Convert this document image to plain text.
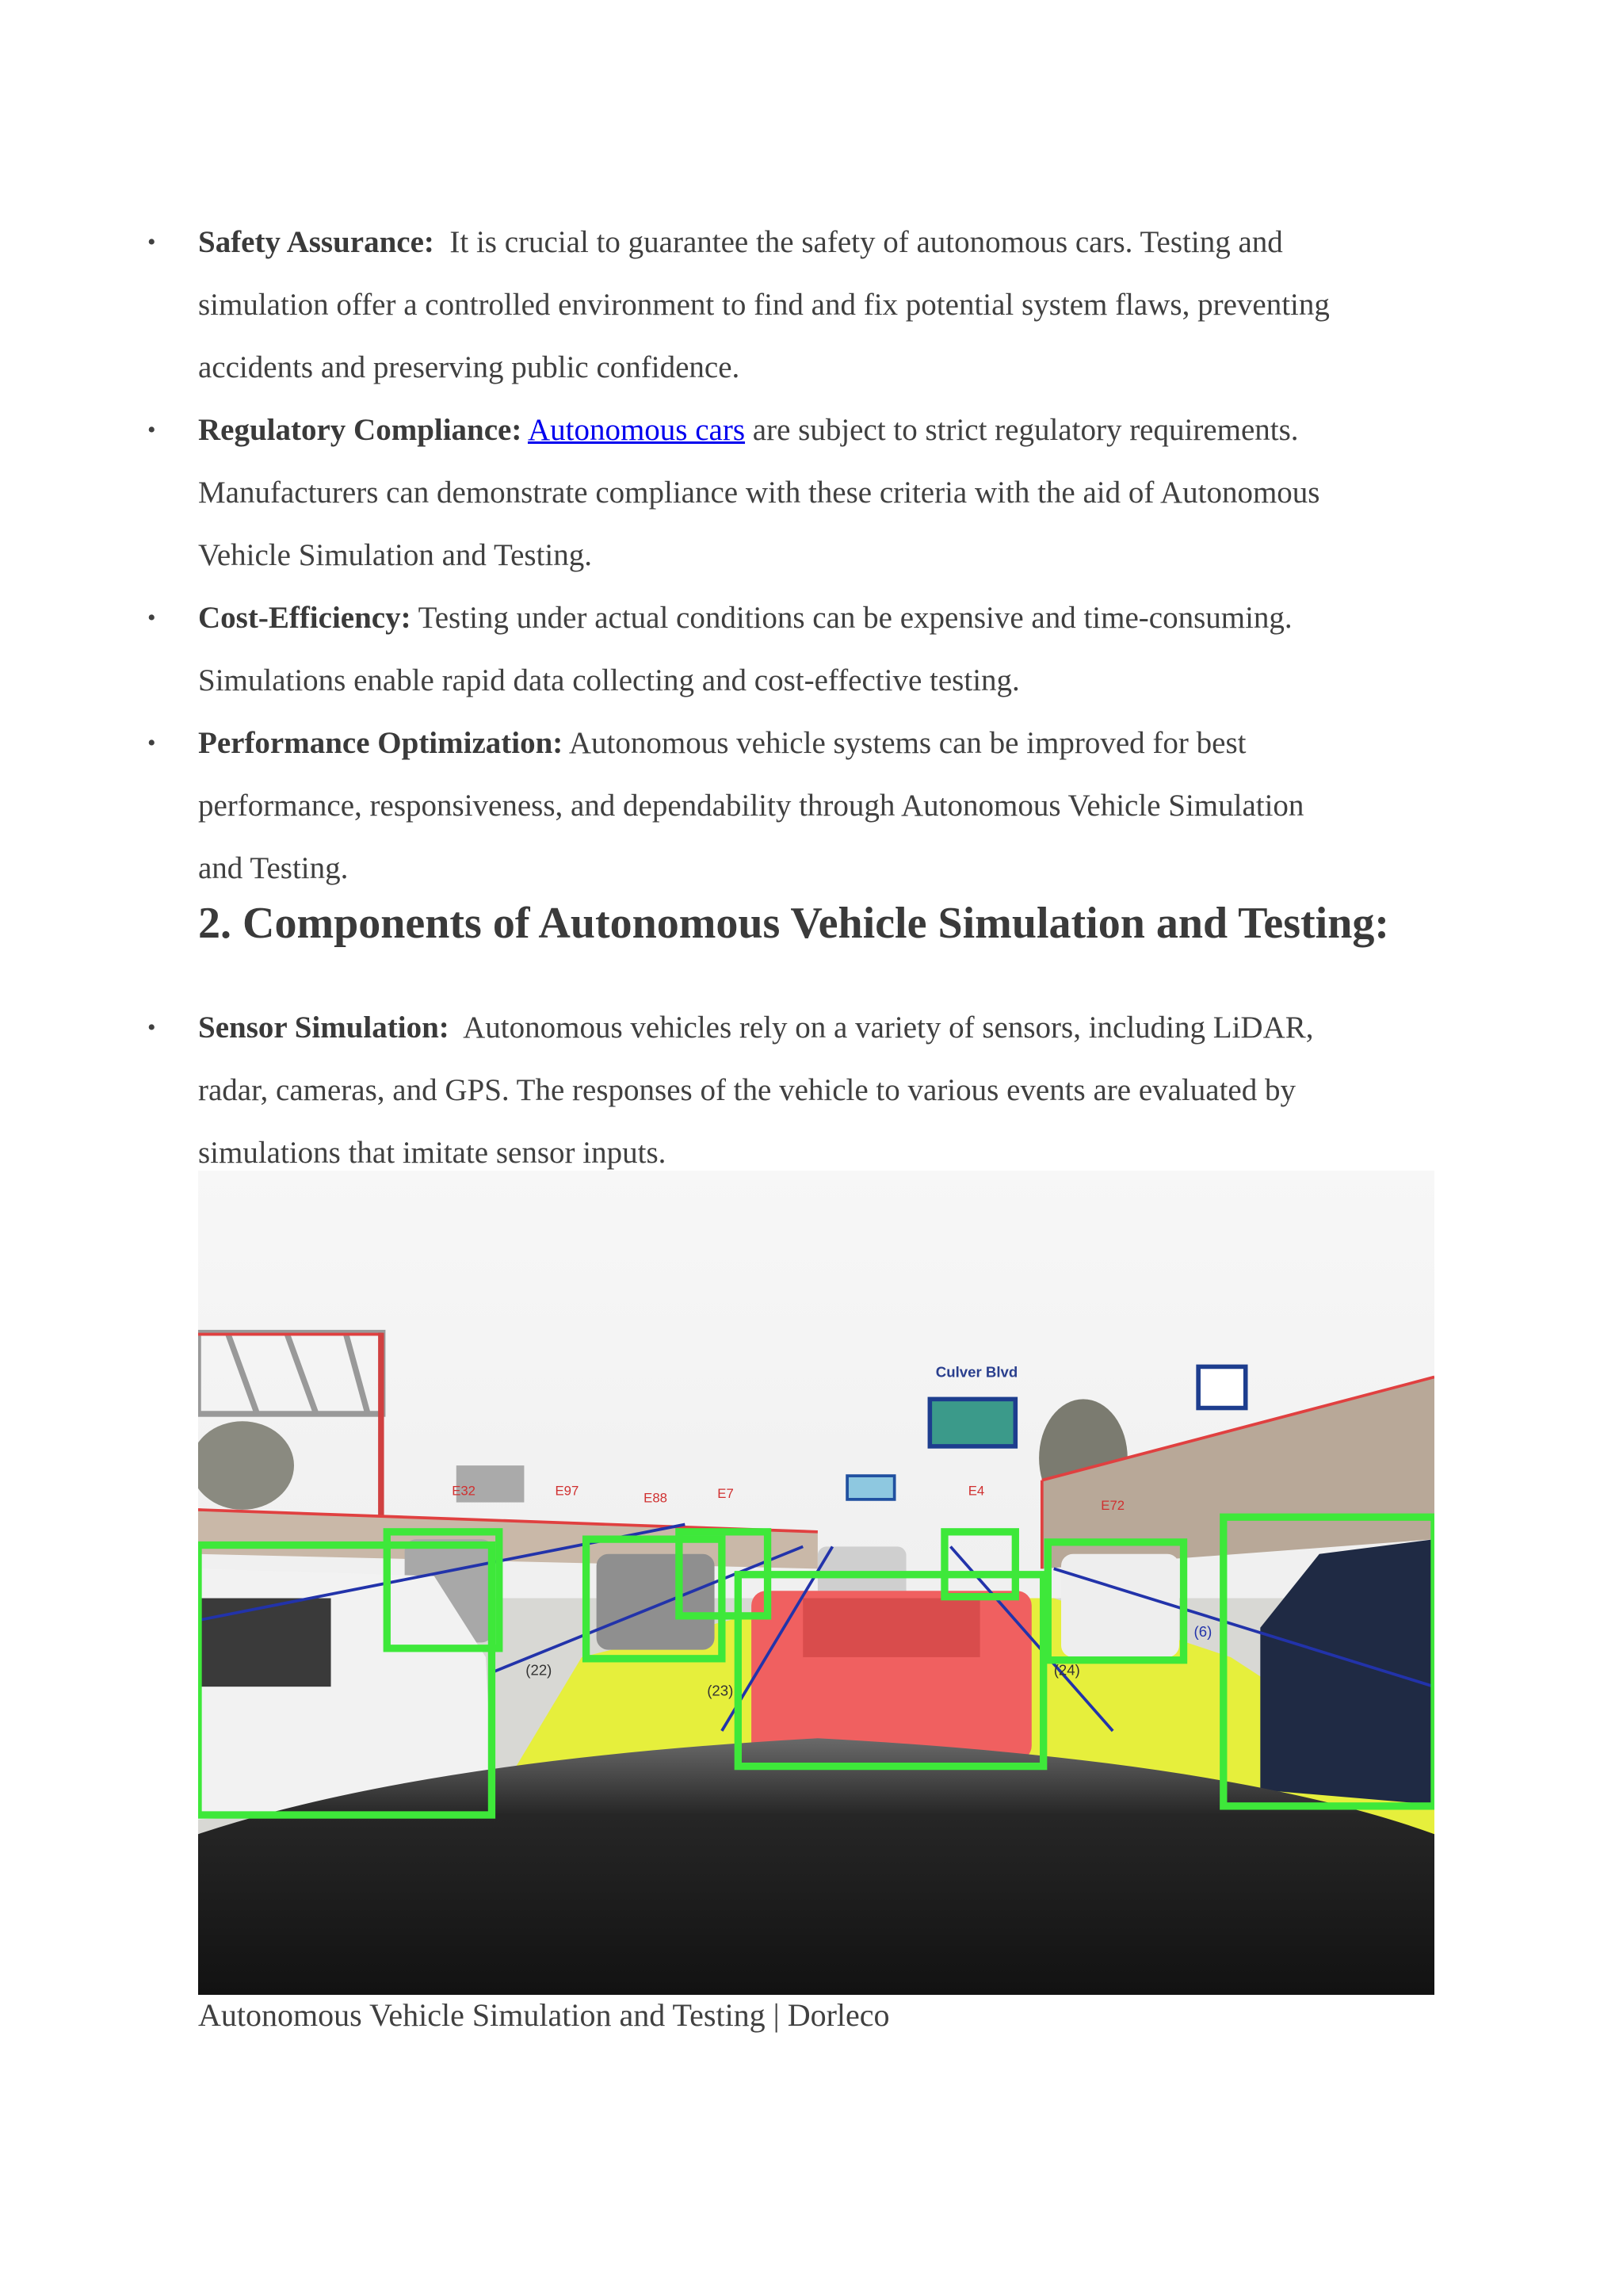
• Safety Assurance: It is crucial to guarantee the safety of autonomous cars. Testing and
simulation offer a controlled environment to find and fix potential system flaws, preventing
accidents and preserving public confidence.
• Regulatory Compliance: Autonomous cars are subject to strict regulatory requirements.
Manufacturers can demonstrate compliance with these criteria with the aid of Autonomous
Vehicle Simulation and Testing.
• Cost-Efficiency: Testing under actual conditions can be expensive and time-consuming.
Simulations enable rapid data collecting and cost-effective testing.
• Performance Optimization: Autonomous vehicle systems can be improved for best
performance, responsiveness, and dependability through Autonomous Vehicle Simulation
and Testing.
2. Components of Autonomous Vehicle Simulation and Testing:
• Sensor Simulation: Autonomous vehicles rely on a variety of sensors, including LiDAR,
radar, cameras, and GPS. The responses of the vehicle to various events are evaluated by
simulations that imitate sensor inputs.
Culver Blvd
E32	E97	E88	E7	E4
E72
(22)
(23)
(24)
(6)
Autonomous Vehicle Simulation and Testing | Dorleco
